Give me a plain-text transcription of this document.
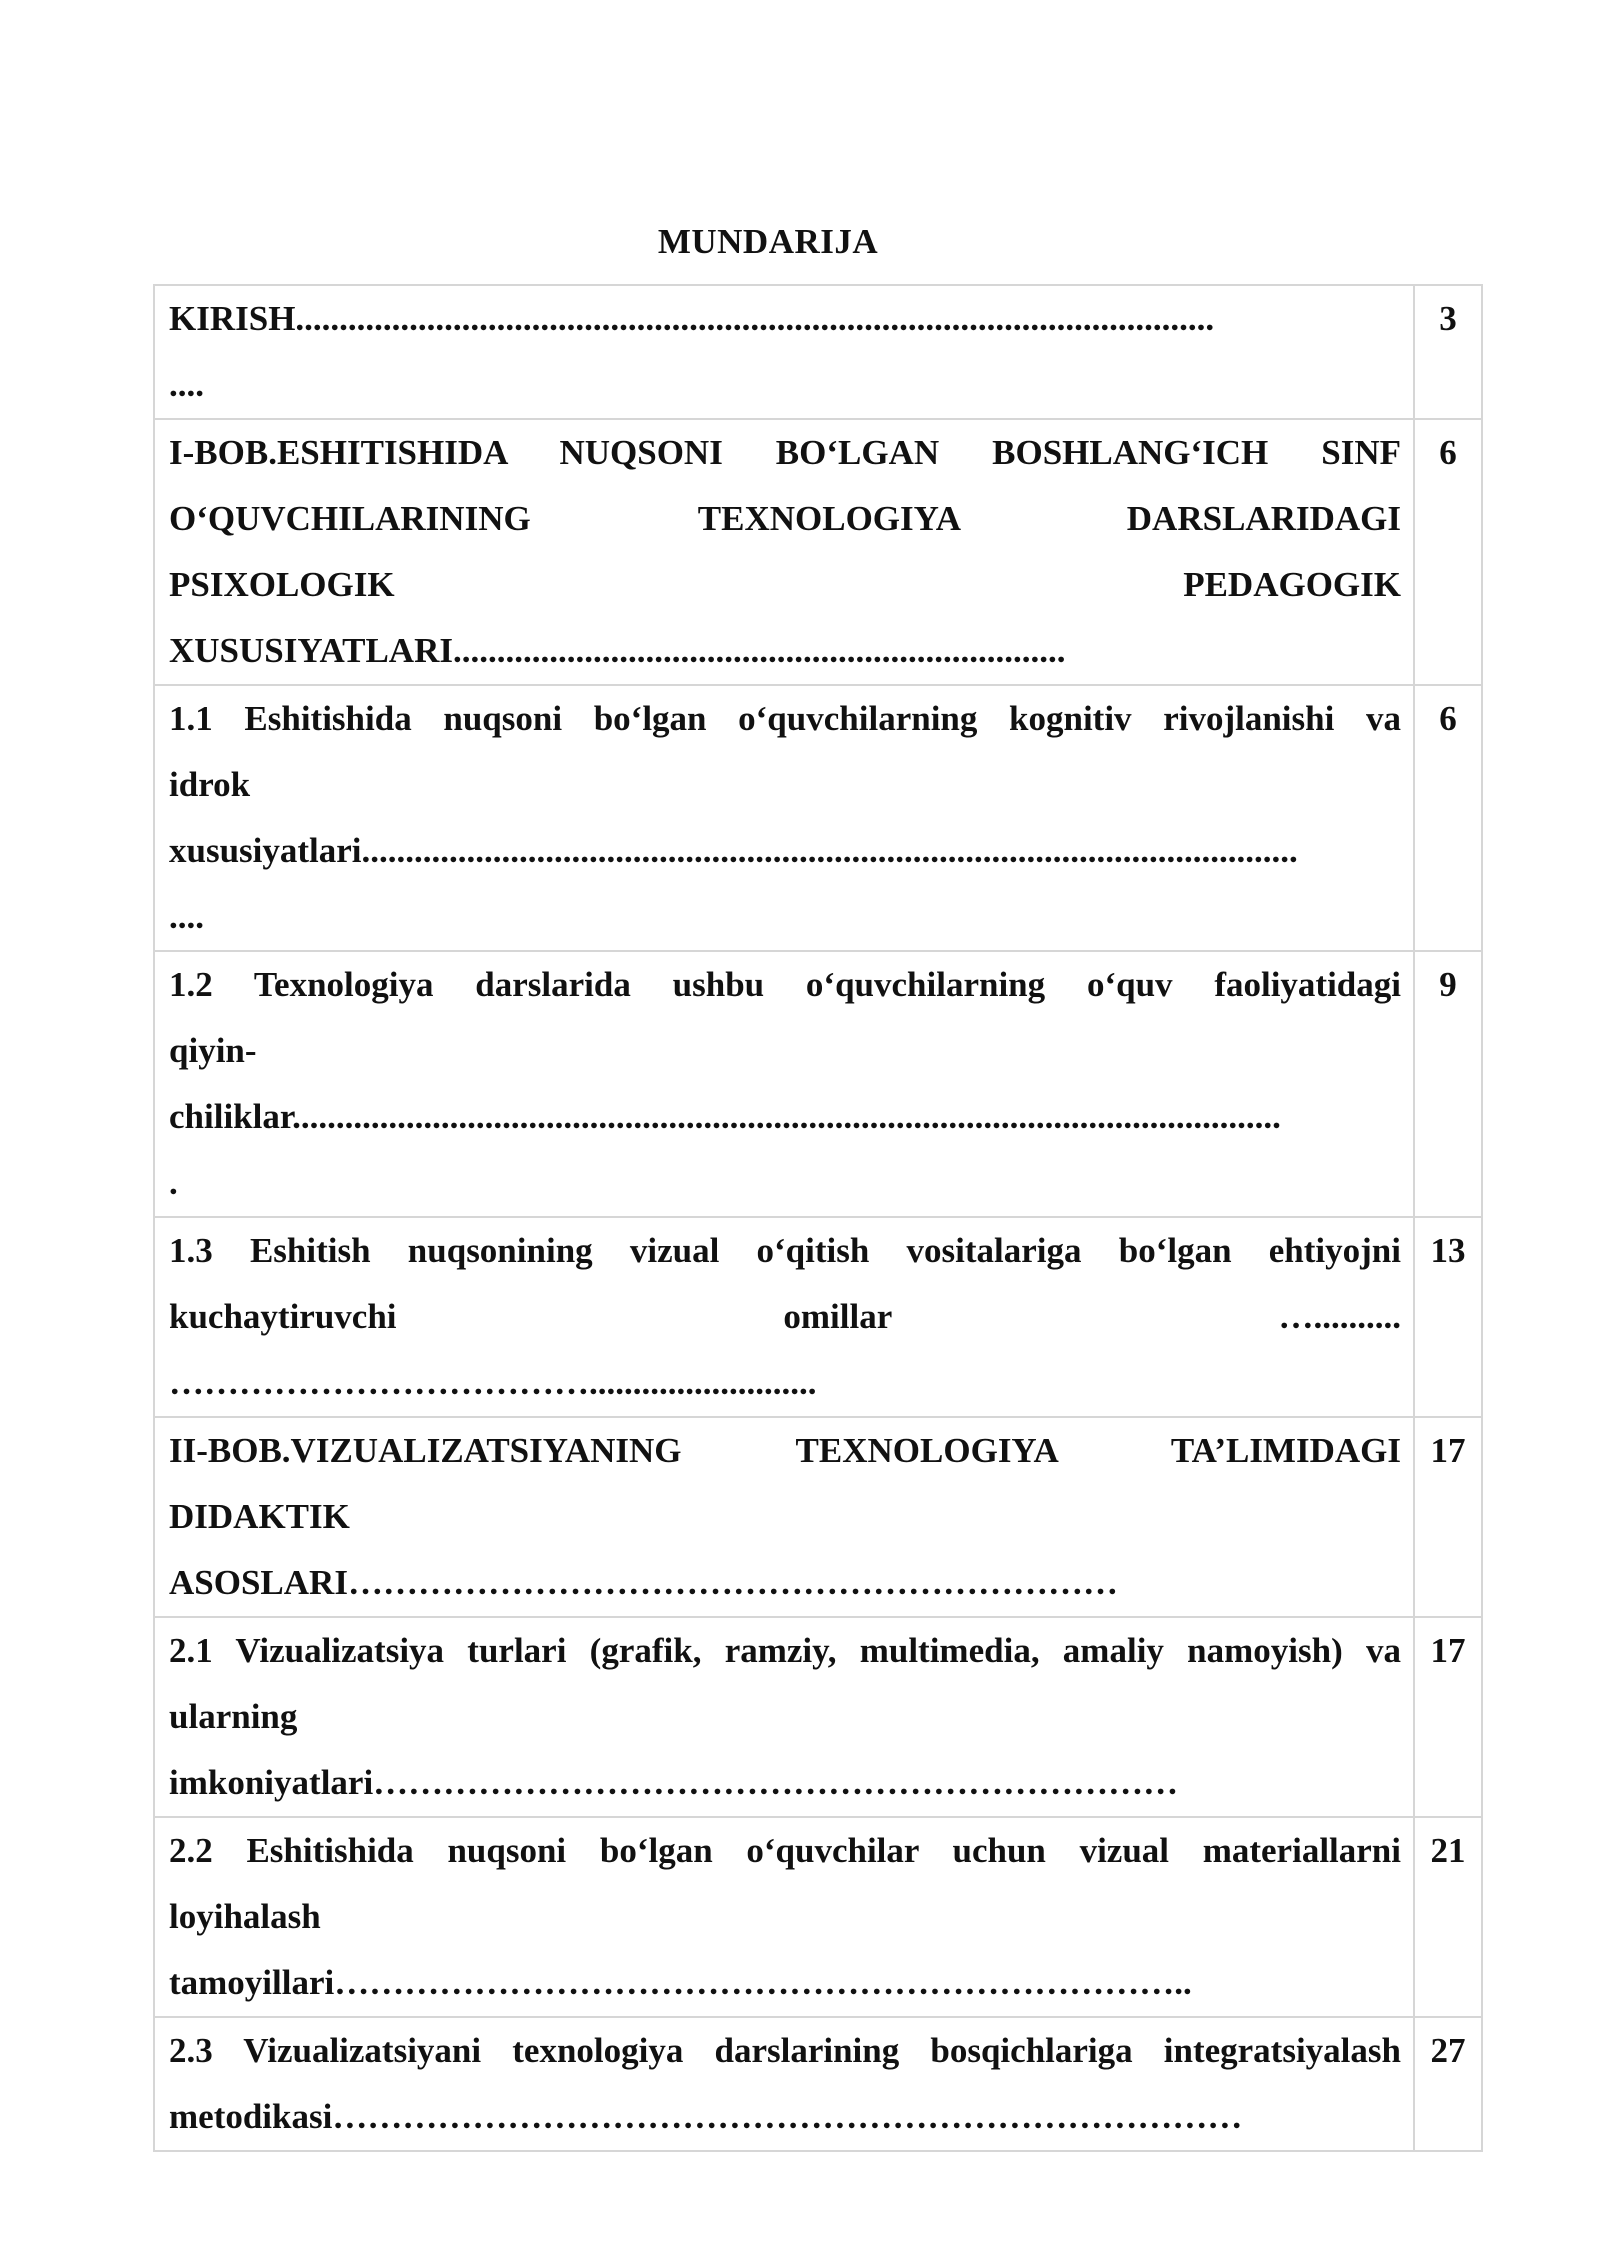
MUNDARIJA
KIRISH.........................................................................................................
....	3

I-BOB.ESHITISHIDA NUQSONI BO‘LGAN BOSHLANG‘ICH SINF
O‘QUVCHILARINING TEXNOLOGIYA DARSLARIDAGI
PSIXOLOGIK PEDAGOGIK
XUSUSIYATLARI......................................................................	6

1.1 Eshitishida nuqsoni bo‘lgan o‘quvchilarning kognitiv rivojlanishi va
idrok
xususiyatlari...........................................................................................................
....	6

1.2 Texnologiya darslarida ushbu o‘quvchilarning o‘quv faoliyatidagi
qiyin-
chiliklar.................................................................................................................
.	9

1.3 Eshitish nuqsonining vizual o‘qitish vositalariga bo‘lgan ehtiyojni
kuchaytiruvchi omillar …..........
………………………………..........................	13

II-BOB.VIZUALIZATSIYANING TEXNOLOGIYA TA’LIMIDAGI
DIDAKTIK
ASOSLARI…………………………………………………………	17

2.1 Vizualizatsiya turlari (grafik, ramziy, multimedia, amaliy namoyish) va
ularning
imkoniyatlari……………………………………………………………	17

2.2 Eshitishida nuqsoni bo‘lgan o‘quvchilar uchun vizual materiallarni
loyihalash
tamoyillari………………………………………………………………..	21

2.3 Vizualizatsiyani texnologiya darslarining bosqichlariga integratsiyalash
metodikasi……………………………………………………………………	27
